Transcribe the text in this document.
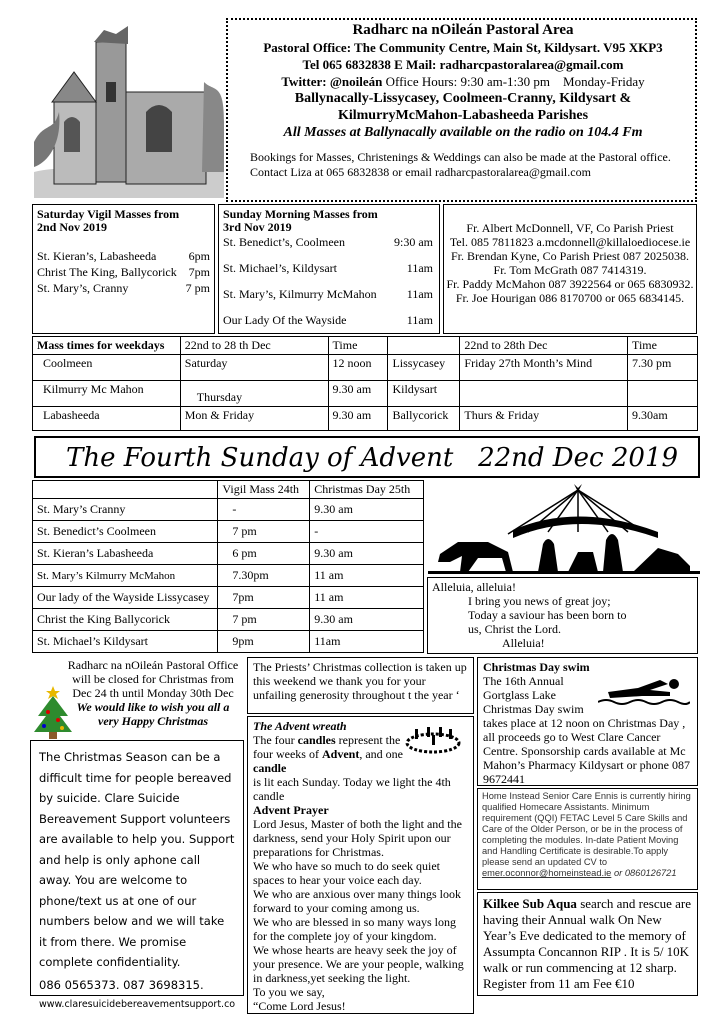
Radharc na nOileán Pastoral Area
Pastoral Office: The Community Centre, Main St, Kildysart. V95 XKP3
Tel 065 6832838 E Mail: radharcpastoralarea@gmail.com
Twitter: @noileán Office Hours: 9:30 am-1:30 pm    Monday-Friday
Ballynacally-Lissycasey, Coolmeen-Cranny, Kildysart & KilmurryMcMahon-Labasheeda Parishes
All Masses at Ballynacally available on the radio on 104.4 Fm
Bookings for Masses, Christenings & Weddings can also be made at the Pastoral office. Contact Liza at 065 6832838 or email radharcpastoralarea@gmail.com
Saturday Vigil Masses from 2nd Nov 2019
St. Kieran’s, Labasheeda	6pm
Christ The King, Ballycorick 7pm
St. Mary’s, Cranny	7 pm
Sunday Morning Masses from 3rd Nov 2019
St. Benedict’s, Coolmeen	9:30 am
St. Michael’s, Kildysart	11am
St. Mary’s, Kilmurry McMahon	11am
Our Lady Of the Wayside	11am
Fr. Albert McDonnell, VF, Co Parish Priest
Tel. 085 7811823 a.mcdonnell@killaloediocese.ie
Fr. Brendan Kyne, Co Parish Priest 087 2025038.
Fr. Tom McGrath 087 7414319.
Fr. Paddy McMahon 087 3922564 or 065 6830932.
Fr. Joe Hourigan 086 8170700 or 065 6834145.
Mass times for weekdays	22nd to 28 th Dec	Time		22nd to 28th Dec	Time
Coolmeen	Saturday	12 noon	Lissycasey	Friday 27th Month’s Mind	7.30 pm
Kilmurry Mc Mahon	Thursday	9.30 am	Kildysart		
Labasheeda	Mon & Friday	9.30 am	Ballycorick	Thurs & Friday	9.30am
The Fourth Sunday of Advent   22nd Dec 2019
	Vigil Mass 24th	Christmas Day 25th
St. Mary’s Cranny	-	9.30 am
St. Benedict’s Coolmeen	7 pm	-
St. Kieran’s Labasheeda	6 pm	9.30 am
St. Mary’s Kilmurry McMahon	7.30pm	11 am
Our lady of the Wayside Lissycasey	7pm	11 am
Christ the King Ballycorick	7 pm	9.30 am
St. Michael’s Kildysart	9pm	11am
Alleluia, alleluia!
I bring you news of great joy;
Today a saviour has been born to
us, Christ the Lord.
Alleluia!
Radharc na nOileán Pastoral Office will be closed for Christmas from Dec 24 th until Monday 30th Dec
We would like to wish you all a very Happy Christmas
The Christmas Season can be a difficult time for people bereaved by suicide. Clare Suicide Bereavement Support volunteers are available to help you. Support and help is only aphone call away. You are welcome to phone/text us at one of our numbers below and we will take it from there. We promise complete confidentiality.
086 0565373. 087 3698315.
www.claresuicidebereavementsupport.co
The Priests’ Christmas collection is taken up this weekend we thank you for your unfailing generosity throughout t the year ‘
The Advent wreath
The four candles represent the four weeks of Advent, and one candle
is lit each Sunday. Today we light the 4th candle
Advent Prayer
Lord Jesus, Master of both the light and the darkness, send your Holy Spirit upon our preparations for Christmas.
We who have so much to do seek quiet spaces to hear your voice each day.
We who are anxious over many things look forward to your coming among us.
We who are blessed in so many ways long for the complete joy of your kingdom.
We whose hearts are heavy seek the joy of your presence. We are your people, walking in darkness,yet seeking the light.
To you we say,
“Come Lord Jesus!
Christmas Day swim
The 16th Annual Gortglass Lake Christmas Day swim
takes place at 12 noon on Christmas Day , all proceeds go to West Clare Cancer Centre. Sponsorship cards available at Mc Mahon’s Pharmacy Kildysart or phone 087 9672441
Home Instead Senior Care Ennis is currently hiring qualified Homecare Assistants. Minimum requirement (QQI) FETAC Level 5 Care Skills and Care of the Older Person, or be in the process of completing the modules. In-date Patient Moving and Handling Certificate is desirable.To apply please send an updated CV to emer.oconnor@homeinstead.ie or 0860126721
Kilkee Sub Aqua search and rescue are having their Annual walk On New Year’s Eve dedicated to the memory of Assumpta Concannon RIP . It is 5/ 10K walk or run commencing at 12 sharp. Register from 11 am Fee €10
